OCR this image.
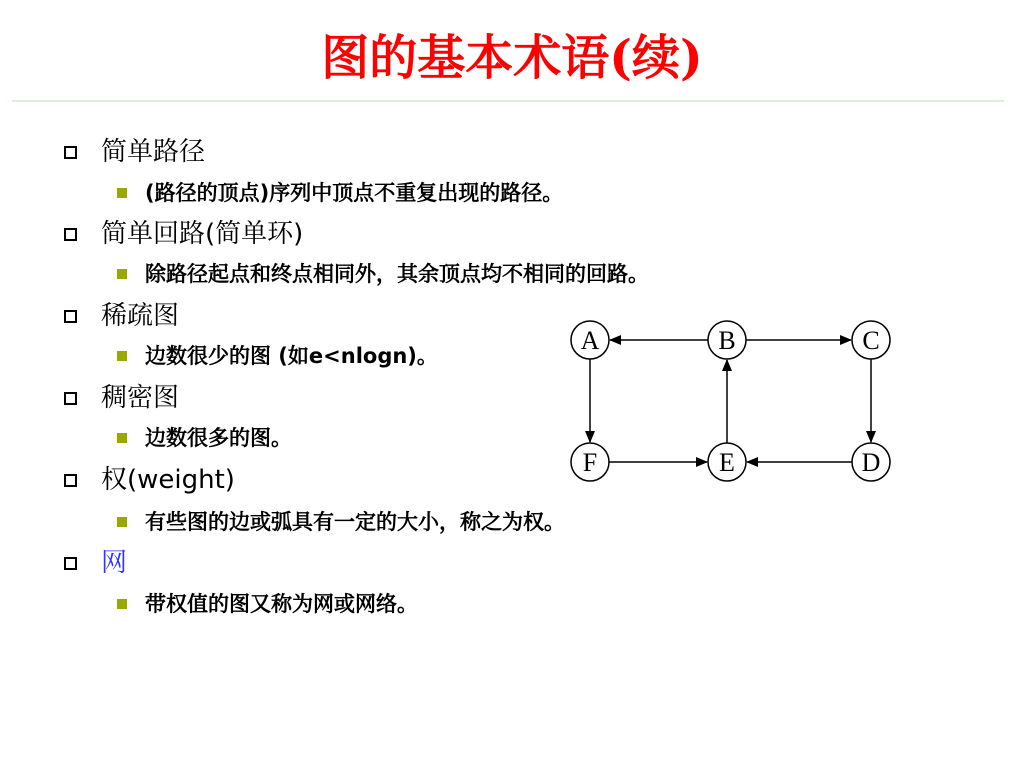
图的基本术语(续)
简单路径
(路径的顶点)序列中顶点不重复出现的路径。
简单回路(简单环)
除路径起点和终点相同外，其余顶点均不相同的回路。
稀疏图
边数很少的图 (如e<nlogn)。
稠密图
边数很多的图。
权(weight)
有些图的边或弧具有一定的大小，称之为权。
网
带权值的图又称为网或网络。
A	B	C
D
E
F
